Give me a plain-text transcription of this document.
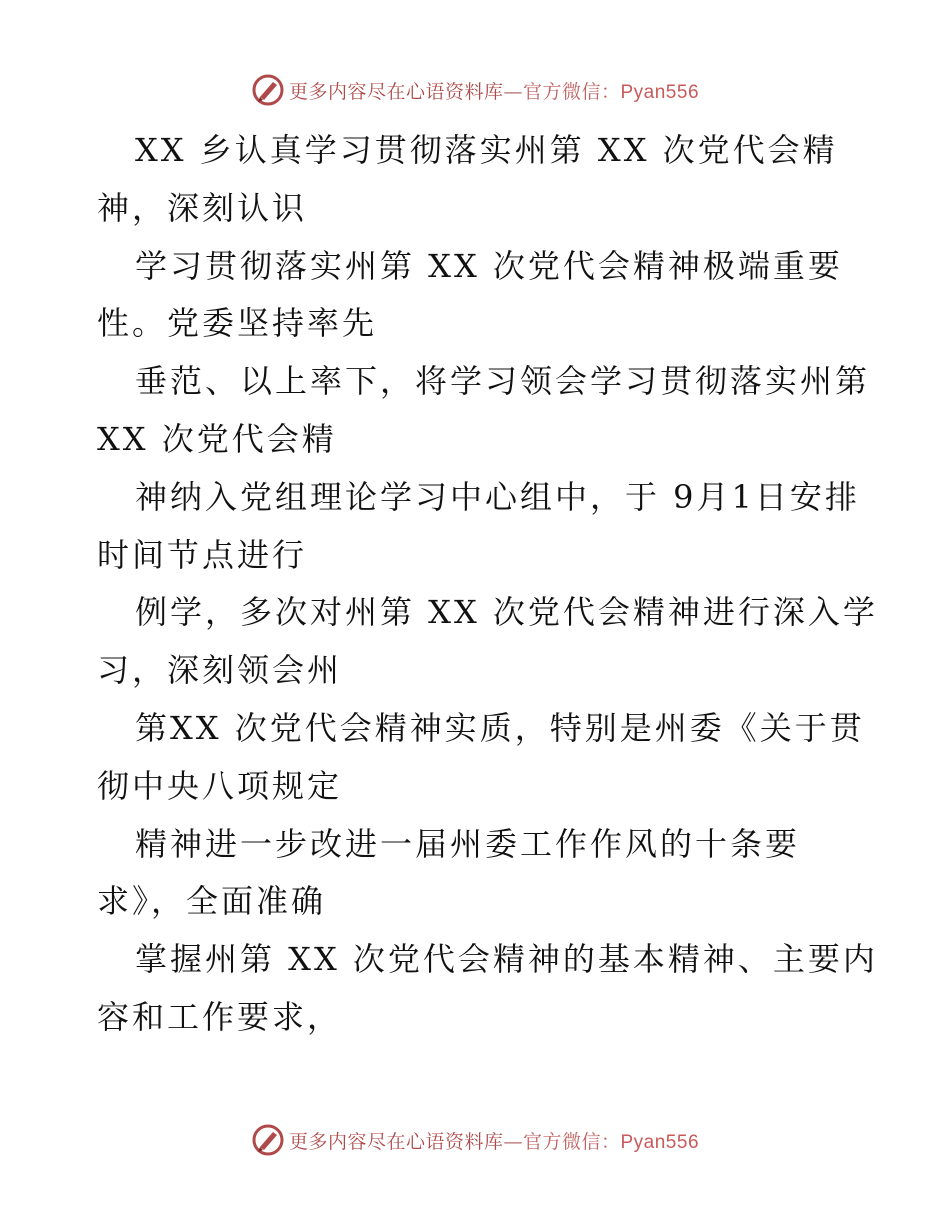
更多内容尽在心语资料库—官方微信：Pyan556
XX 乡认真学习贯彻落实州第 XX 次党代会精
神，深刻认识
学习贯彻落实州第 XX 次党代会精神极端重要
性。党委坚持率先
垂范、以上率下，将学习领会学习贯彻落实州第
XX 次党代会精
神纳入党组理论学习中心组中，于 9月1日安排
时间节点进行
例学，多次对州第 XX 次党代会精神进行深入学
习，深刻领会州
第XX 次党代会精神实质，特别是州委《关于贯
彻中央八项规定
精神进一步改进一届州委工作作风的十条要
求》，全面准确
掌握州第 XX 次党代会精神的基本精神、主要内
容和工作要求，
更多内容尽在心语资料库—官方微信：Pyan556
